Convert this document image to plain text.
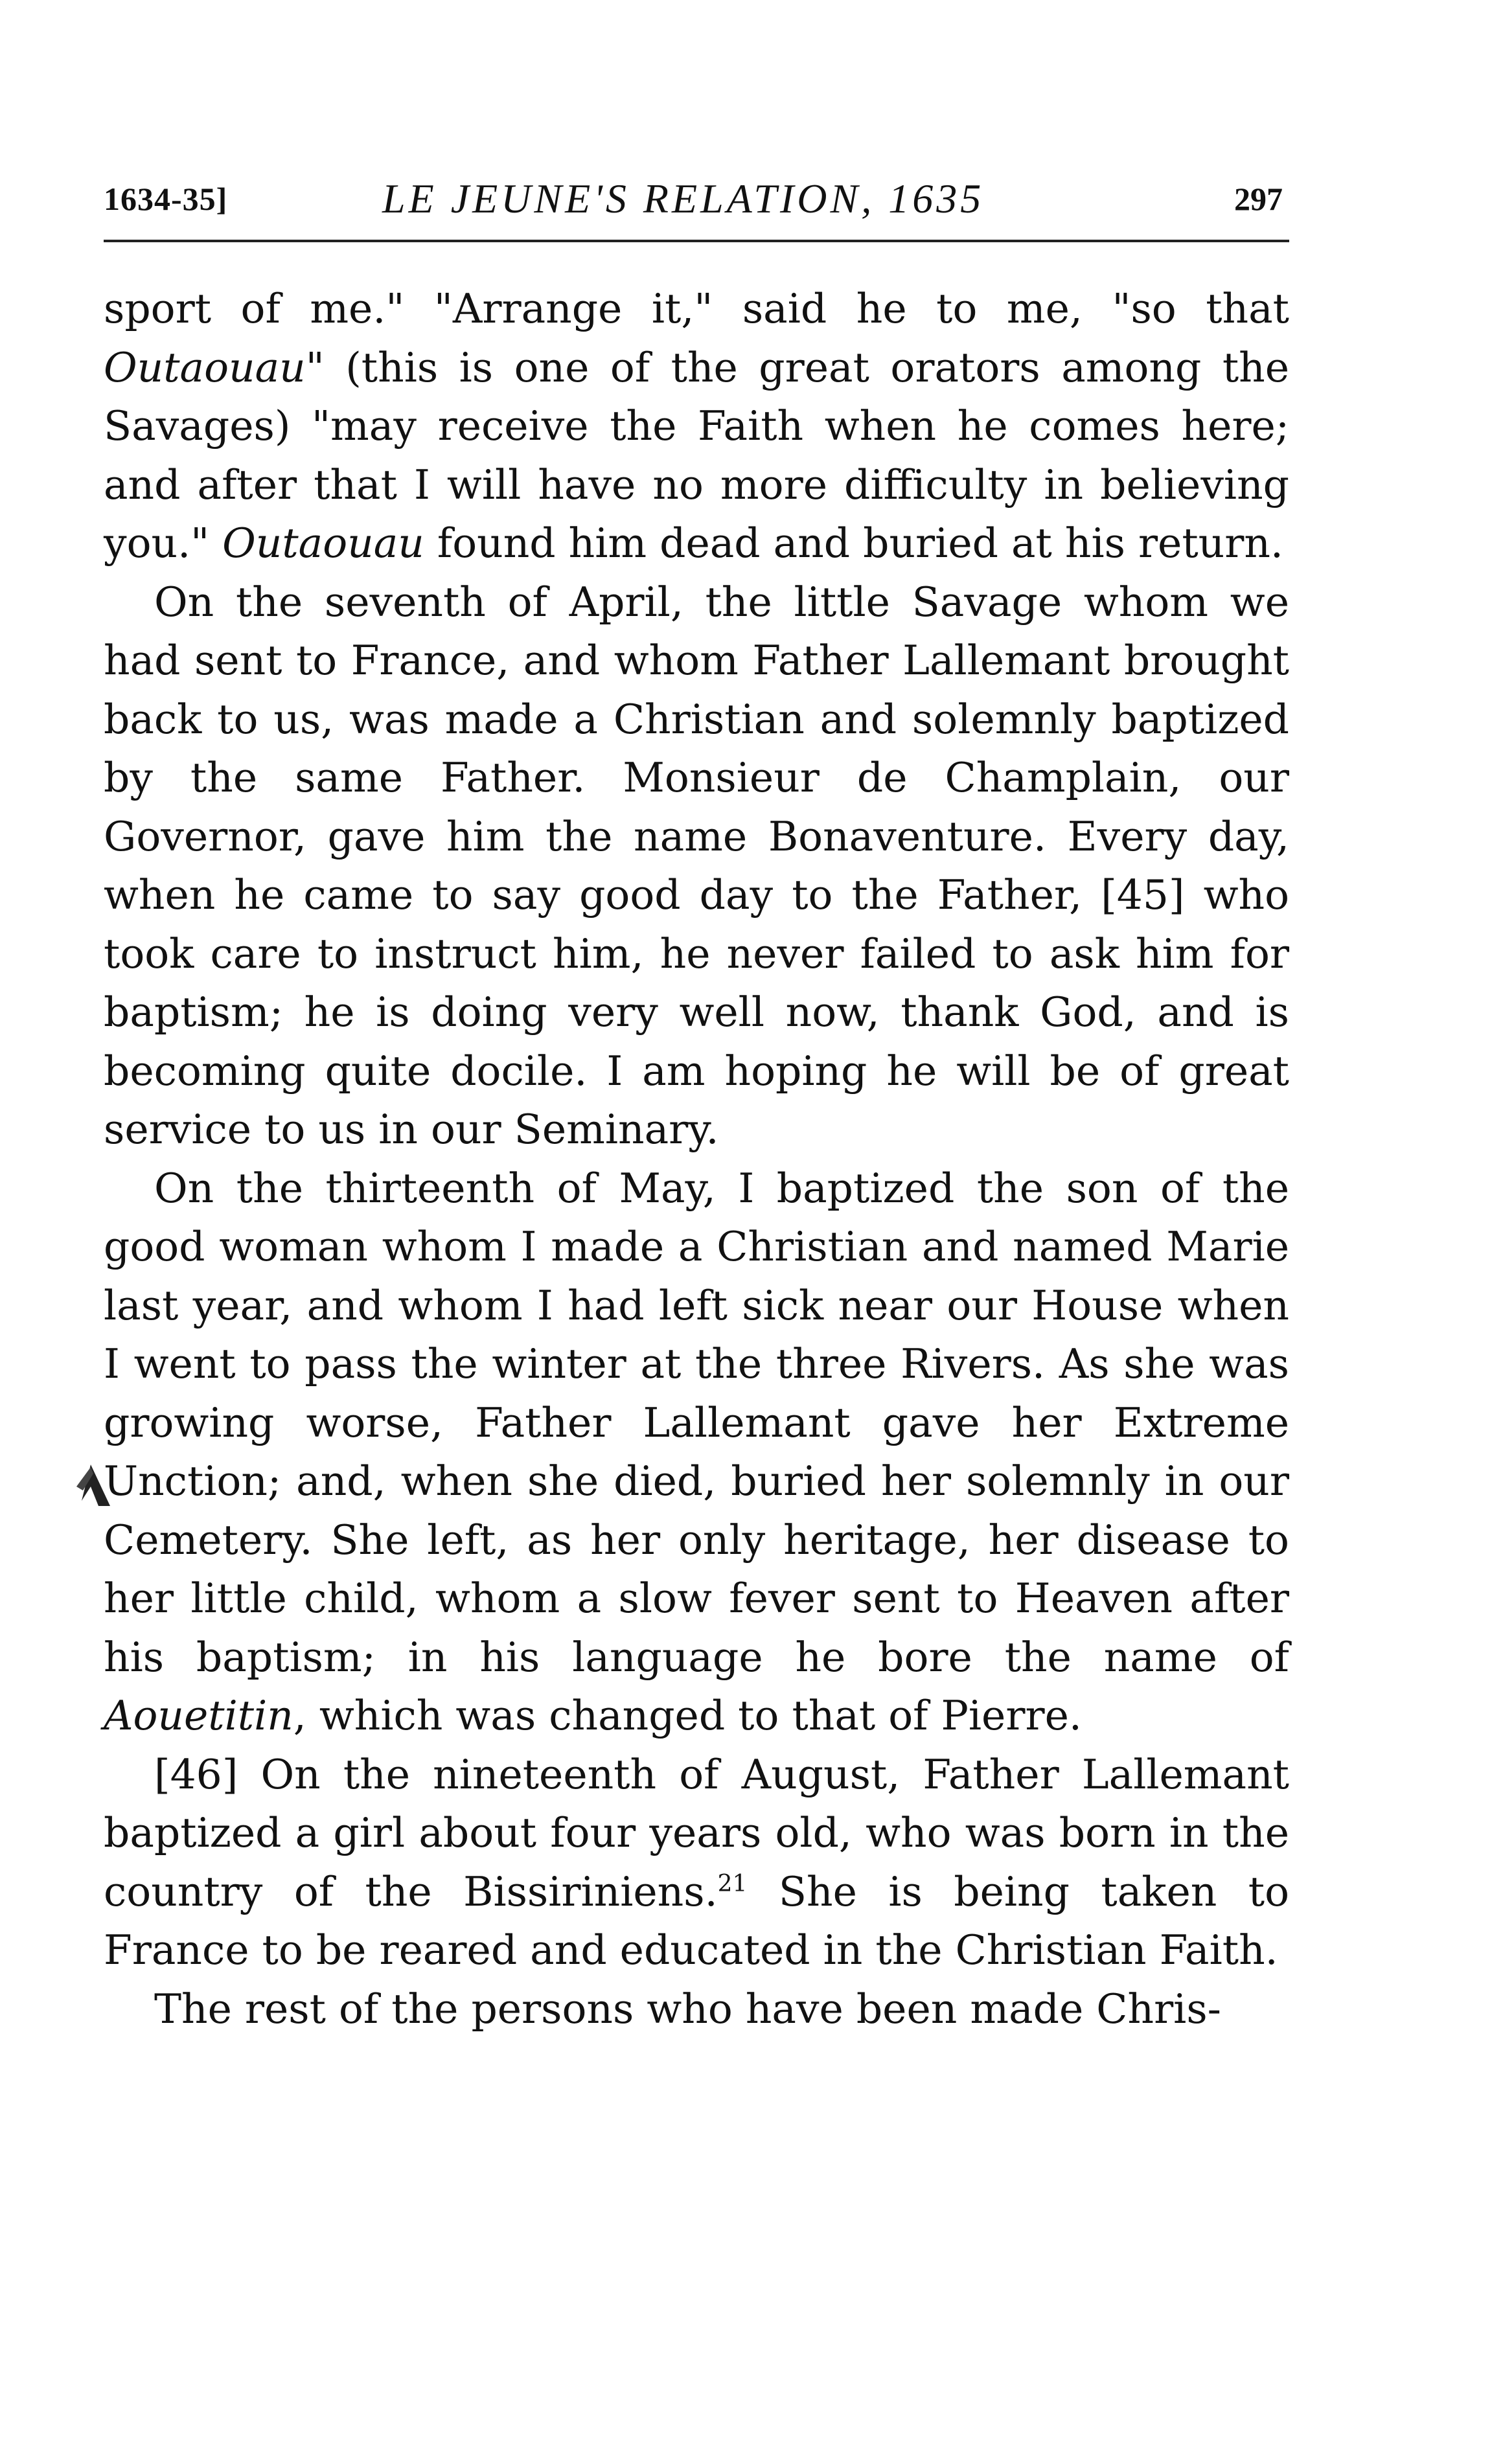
1634-35]	LE JEUNE'S RELATION, 1635	297

sport of me." "Arrange it," said he to me, "so that Outaouau" (this is one of the great orators among the Savages) "may receive the Faith when he comes here; and after that I will have no more difficulty in believing you." Outaouau found him dead and buried at his return.

On the seventh of April, the little Savage whom we had sent to France, and whom Father Lallemant brought back to us, was made a Christian and solemnly baptized by the same Father. Monsieur de Champlain, our Governor, gave him the name Bonaventure. Every day, when he came to say good day to the Father, [45] who took care to instruct him, he never failed to ask him for baptism; he is doing very well now, thank God, and is becoming quite docile. I am hoping he will be of great service to us in our Seminary.

On the thirteenth of May, I baptized the son of the good woman whom I made a Christian and named Marie last year, and whom I had left sick near our House when I went to pass the winter at the three Rivers. As she was growing worse, Father Lallemant gave her Extreme Unction; and, when she died, buried her solemnly in our Cemetery. She left, as her only heritage, her disease to her little child, whom a slow fever sent to Heaven after his baptism; in his language he bore the name of Aouetitin, which was changed to that of Pierre.

[46] On the nineteenth of August, Father Lallemant baptized a girl about four years old, who was born in the country of the Bissiriniens.$^{21}$ She is being taken to France to be reared and educated in the Christian Faith.

The rest of the persons who have been made Chris-
